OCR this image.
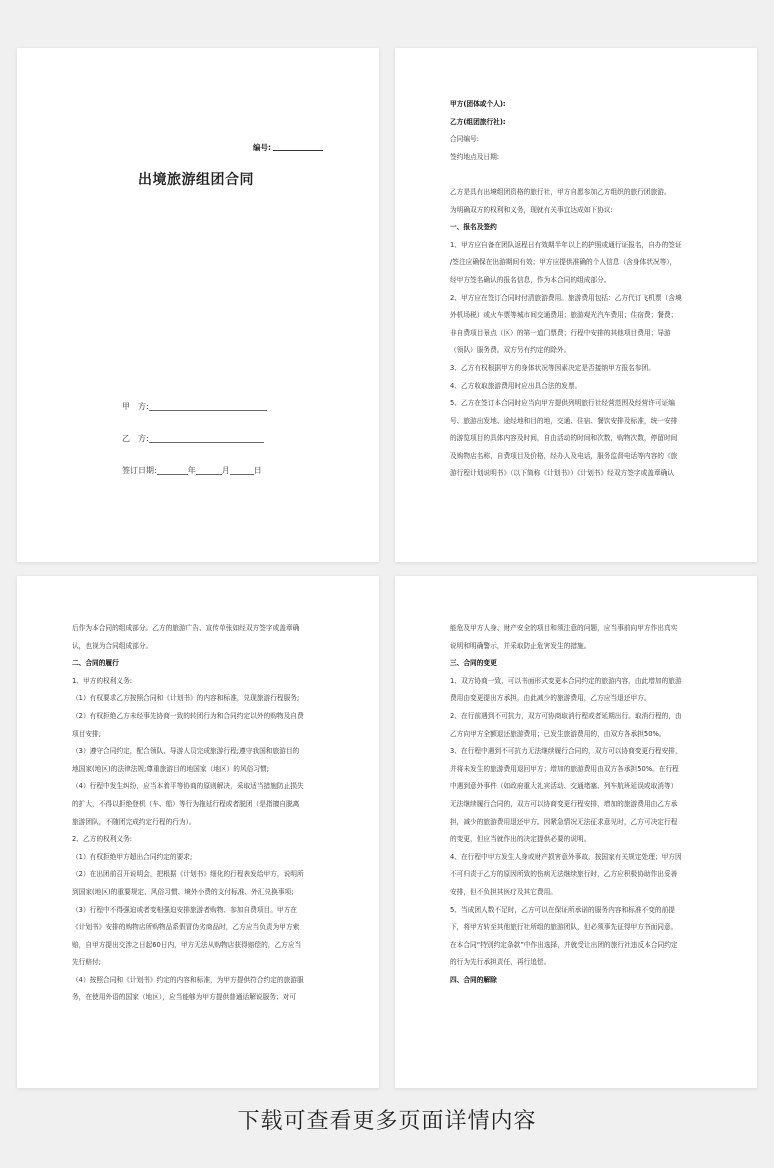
编号:
出境旅游组团合同
甲　方:
乙　方:
签订日期:	年	月	日

甲方(团体或个人):

乙方(组团旅行社):

合同编号:

签约地点及日期:

乙方是具有出境组团资格的旅行社，甲方自愿参加乙方组织的旅行团旅游。

为明确双方的权利和义务，现就有关事宜达成如下协议:

一、报名及签约

1、甲方应自备在团队返程日有效期半年以上的护照或通行证报名，自办的签证

/签注应确保在出游期间有效；甲方应提供准确的个人信息（含身体状况等），

经甲方签名确认的报名信息，作为本合同的组成部分。

2、甲方应在签订合同时付清旅游费用。旅游费用包括：乙方代订飞机票（含境

外机场税）或火车票等城市间交通费用；旅游观光汽车费用；住宿费；餐费；

非自费项目景点（区）的第一道门票费；行程中安排的其他项目费用；导游

（领队）服务费。双方另有约定的除外。

3、乙方有权根据甲方的身体状况等因素决定是否接纳甲方报名参团。

4、乙方收取旅游费用时应出具合法的发票。

5、乙方在签订本合同时应当向甲方提供列明旅行社经营范围及经营许可证编

号、旅游出发地、途经地和目的地，交通、住宿、餐饮安排及标准，统一安排

的游览项目的具体内容及时间，自由活动的时间和次数，购物次数，停留时间

及购物店名称，自费项目及价格，经办人及电话，服务监督电话等内容的《旅

游行程计划说明书》（以下简称《计划书》）《计划书》经双方签字或盖章确认

后作为本合同的组成部分。乙方的旅游广告、宣传单张如经双方签字或盖章确

认，也视为合同组成部分。

二、合同的履行

1、甲方的权利义务:

（1）有权要求乙方按照合同和《计划书》的内容和标准，兑现旅游行程服务;

（2）有权拒绝乙方未经事先协商一致的转团行为和合同约定以外的购物及自费

项目安排;

（3）遵守合同约定，配合领队、导游人员完成旅游行程;遵守我国和旅游目的

地国家(地区)的法律法规;尊重旅游目的地国家（地区）的风俗习惯;

（4）行程中发生纠纷，应当本着平等协商的原则解决，采取适当措施防止损失

的扩大，不得以拒绝登机（车、船）等行为拖延行程或者脱团（是指擅自脱离

旅游团队，不随团完成约定行程的行为）。

2、乙方的权利义务:

（1）有权拒绝甲方超出合同约定的要求;

（2）在出团前召开说明会，把根据《计划书》细化的行程表发给甲方，说明所

到国家(地区)的重要规定、风俗习惯、境外小费的支付标准、外汇兑换事项;

（3）行程中不得强迫或者变相强迫安排旅游者购物、参加自费项目。甲方在

《计划书》安排的购物店所购物品系假冒伪劣商品时，乙方应当负责为甲方索

赔，自甲方提出交涉之日起60日内，甲方无法从购物店获得赔偿的，乙方应当

先行赔付;

（4）按照合同和《计划书》约定的内容和标准，为甲方提供符合约定的旅游服

务，在使用外语的国家（地区），应当能够为甲方提供普通话解说服务；对可

能危及甲方人身、财产安全的项目和须注意的问题，应当事前向甲方作出真实

说明和明确警示，并采取防止危害发生的措施。

三、合同的变更

1、双方协商一致，可以书面形式变更本合同约定的旅游内容，由此增加的旅游

费用由变更提出方承担，由此减少的旅游费用，乙方应当退还甲方。

2、在行前遇到不可抗力，双方可协商取消行程或者延期出行。取消行程的，由

乙方向甲方全额退还旅游费用；已发生旅游费用的，由双方各承担50%。

3、在行程中遇到不可抗力无法继续履行合同的，双方可以协商变更行程安排，

并将未发生的旅游费用退回甲方；增加的旅游费用由双方各承担50%。在行程

中遇到意外事件（如政府重大礼宾活动、交通堵塞、列车航班延误或取消等）

无法继续履行合同的，双方可以协商变更行程安排，增加的旅游费用由乙方承

担，减少的旅游费用退还甲方。因紧急情况无法征求意见时，乙方可决定行程

的变更，但应当就作出的决定提供必要的说明。

4、在行程中甲方发生人身或财产损害意外事故，按国家有关规定处理；甲方因

不可归责于乙方的原因所致的伤病无法继续旅行时，乙方应积极协助作出妥善

安排，但不负担其医疗及其它费用。

5、当成团人数不足时，乙方可以在保证所承诺的服务内容和标准不变的前提

下，将甲方转至其他旅行社所组的旅游团队，但必须事先征得甲方书面同意。

在本合同“特别约定条款”中作出选择，并就受让出团的旅行社违反本合同约定

的行为先行承担责任，再行追偿。

四、合同的解除

下载可查看更多页面详情内容
